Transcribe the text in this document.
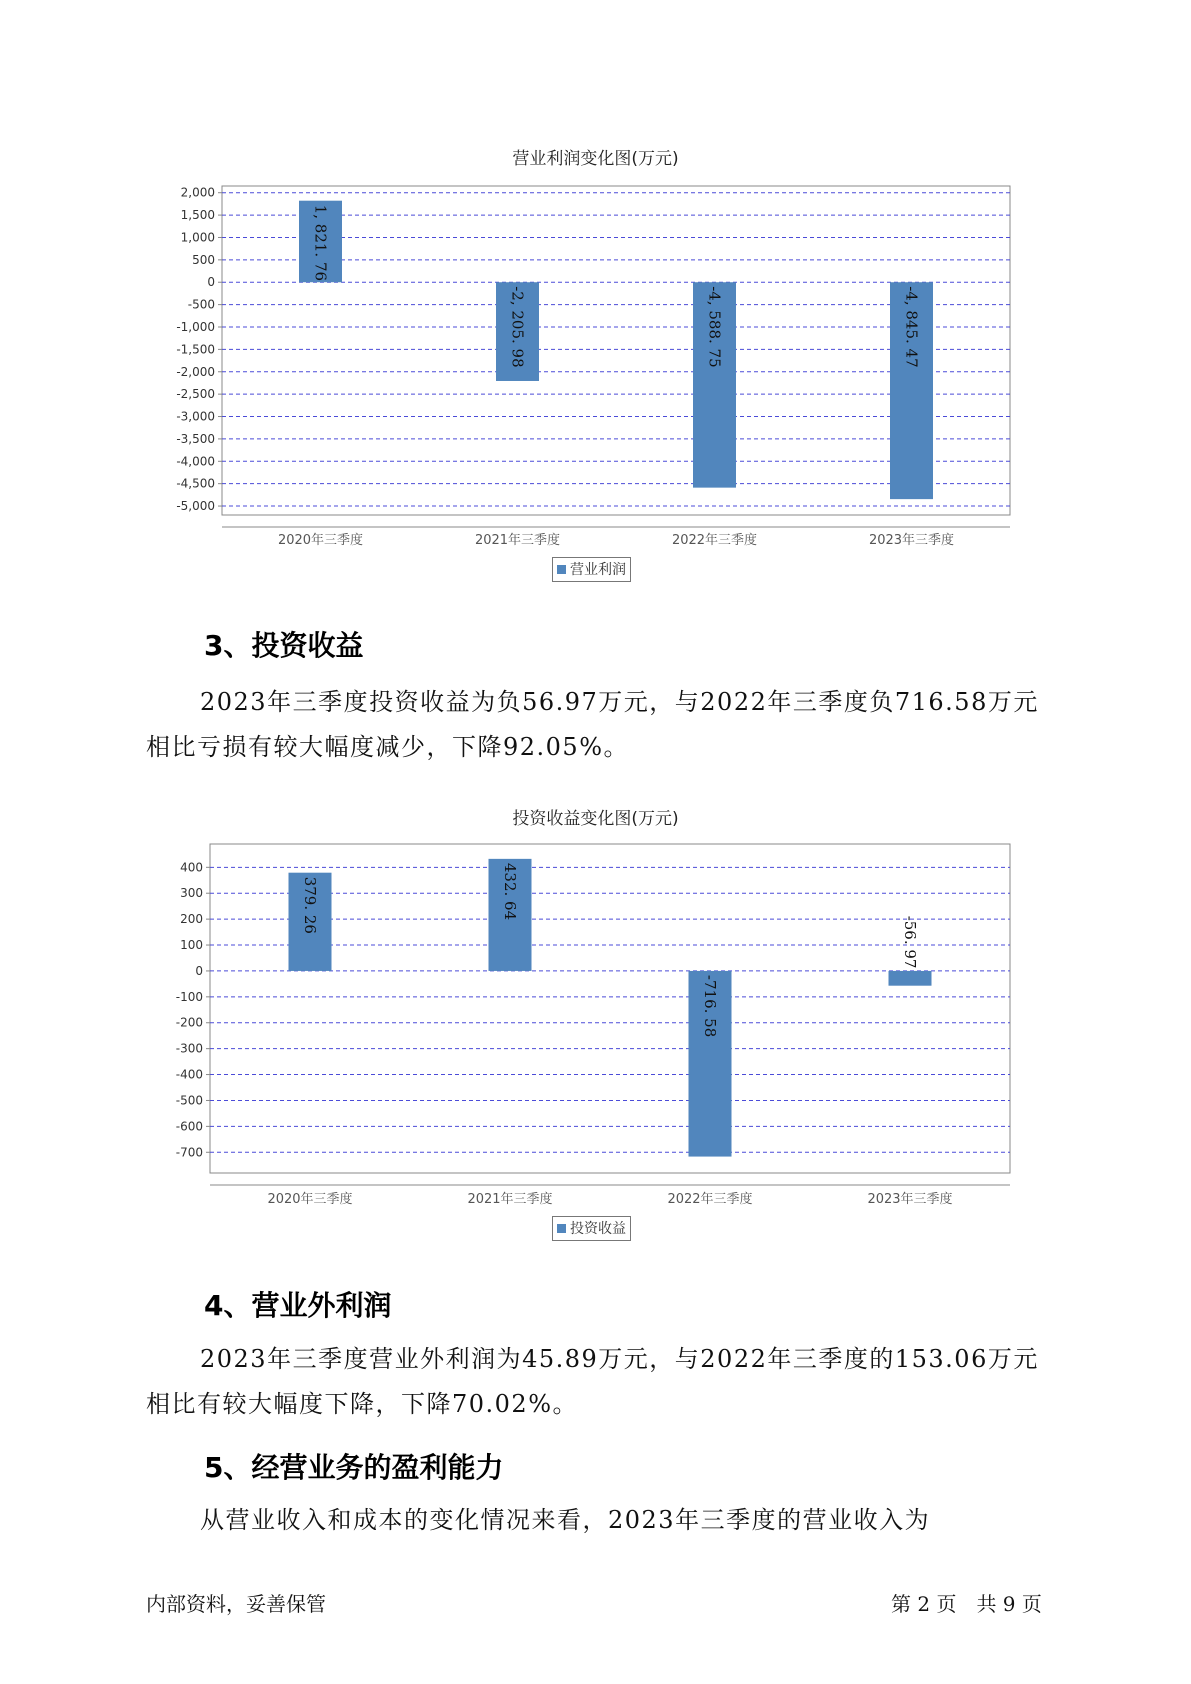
营业利润变化图(万元)
2,000
1,500
1,000
500
0
-500
-1,000
-1,500
-2,000
-2,500
-3,000
-3,500
-4,000
-4,500
-5,000
1, 821. 76
2020年三季度
-2, 205. 98
2021年三季度
-4, 588. 75
2022年三季度
-4, 845. 47
2023年三季度
营业利润
3、投资收益
2023年三季度投资收益为负56.97万元，与2022年三季度负716.58万元
相比亏损有较大幅度减少，下降92.05%。
投资收益变化图(万元)
400
300
200
100
0
-100
-200
-300
-400
-500
-600
-700
379. 26
2020年三季度
432. 64
2021年三季度
-716. 58
2022年三季度
-56. 97
2023年三季度
投资收益
4、营业外利润
2023年三季度营业外利润为45.89万元，与2022年三季度的153.06万元
相比有较大幅度下降，下降70.02%。
5、经营业务的盈利能力
从营业收入和成本的变化情况来看，2023年三季度的营业收入为
内部资料，妥善保管	第 2 页　共 9 页
